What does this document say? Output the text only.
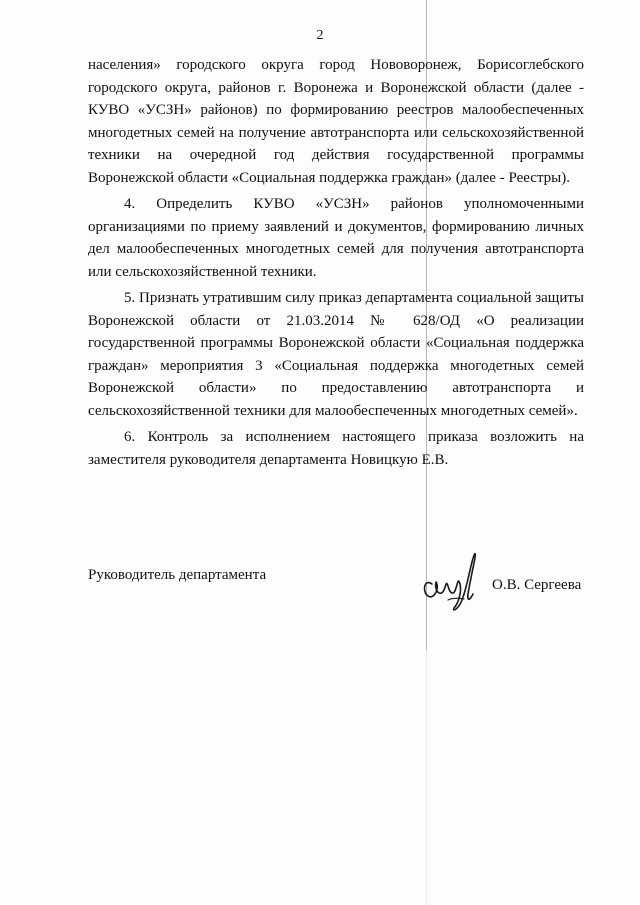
2

населения» городского округа город Нововоронеж, Борисоглебского городского округа, районов г. Воронежа и Воронежской области (далее - КУВО «УСЗН» районов) по формированию реестров малообеспеченных многодетных семей на получение автотранспорта или сельскохозяйственной техники на очередной год действия государственной программы Воронежской области «Социальная поддержка граждан» (далее - Реестры).

4. Определить КУВО «УСЗН» районов уполномоченными организациями по приему заявлений и документов, формированию личных дел малообеспеченных многодетных семей для получения автотранспорта или сельскохозяйственной техники.

5. Признать утратившим силу приказ департамента социальной защиты Воронежской области от 21.03.2014 № 628/ОД «О реализации государственной программы Воронежской области «Социальная поддержка граждан» мероприятия 3 «Социальная поддержка многодетных семей Воронежской области» по предоставлению автотранспорта и сельскохозяйственной техники для малообеспеченных многодетных семей».

6. Контроль за исполнением настоящего приказа возложить на заместителя руководителя департамента Новицкую Е.В.

Руководитель департамента
О.В. Сергеева
